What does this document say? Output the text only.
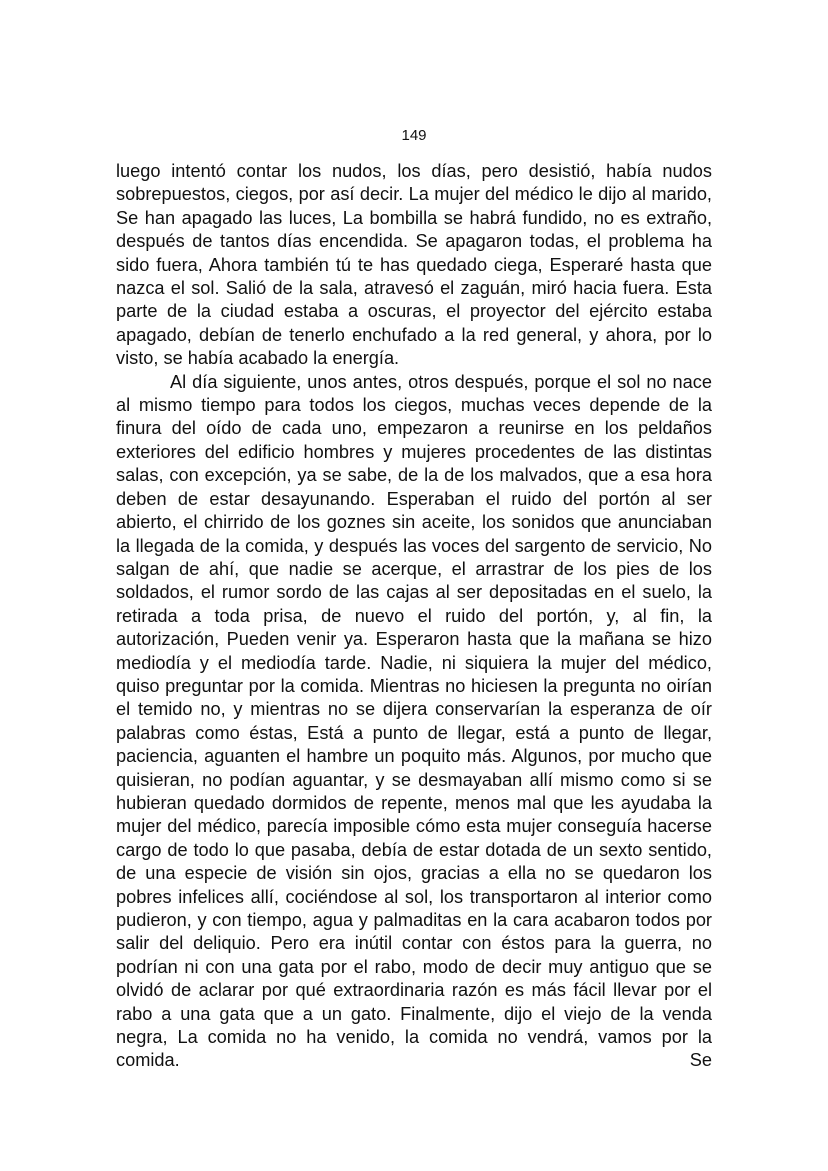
149

luego intentó contar los nudos, los días, pero desistió, había nudos sobrepuestos, ciegos, por así decir. La mujer del médico le dijo al marido, Se han apagado las luces, La bombilla se habrá fundido, no es extraño, después de tantos días encendida. Se apagaron todas, el problema ha sido fuera, Ahora también tú te has quedado ciega, Esperaré hasta que nazca el sol. Salió de la sala, atravesó el zaguán, miró hacia fuera. Esta parte de la ciudad estaba a oscuras, el proyector del ejército estaba apagado, debían de tenerlo enchufado a la red general, y ahora, por lo visto, se había acabado la energía.

Al día siguiente, unos antes, otros después, porque el sol no nace al mismo tiempo para todos los ciegos, muchas veces depende de la finura del oído de cada uno, empezaron a reunirse en los peldaños exteriores del edificio hombres y mujeres procedentes de las distintas salas, con excepción, ya se sabe, de la de los malvados, que a esa hora deben de estar desayunando. Esperaban el ruido del portón al ser abierto, el chirrido de los goznes sin aceite, los sonidos que anunciaban la llegada de la comida, y después las voces del sargento de servicio, No salgan de ahí, que nadie se acerque, el arrastrar de los pies de los soldados, el rumor sordo de las cajas al ser depositadas en el suelo, la retirada a toda prisa, de nuevo el ruido del portón, y, al fin, la autorización, Pueden venir ya. Esperaron hasta que la mañana se hizo mediodía y el mediodía tarde. Nadie, ni siquiera la mujer del médico, quiso preguntar por la comida. Mientras no hiciesen la pregunta no oirían el temido no, y mientras no se dijera conservarían la esperanza de oír palabras como éstas, Está a punto de llegar, está a punto de llegar, paciencia, aguanten el hambre un poquito más. Algunos, por mucho que quisieran, no podían aguantar, y se desmayaban allí mismo como si se hubieran quedado dormidos de repente, menos mal que les ayudaba la mujer del médico, parecía imposible cómo esta mujer conseguía hacerse cargo de todo lo que pasaba, debía de estar dotada de un sexto sentido, de una especie de visión sin ojos, gracias a ella no se quedaron los pobres infelices allí, cociéndose al sol, los transportaron al interior como pudieron, y con tiempo, agua y palmaditas en la cara acabaron todos por salir del deliquio. Pero era inútil contar con éstos para la guerra, no podrían ni con una gata por el rabo, modo de decir muy antiguo que se olvidó de aclarar por qué extraordinaria razón es más fácil llevar por el rabo a una gata que a un gato. Finalmente, dijo el viejo de la venda negra, La comida no ha venido, la comida no vendrá, vamos por la comida. Se
